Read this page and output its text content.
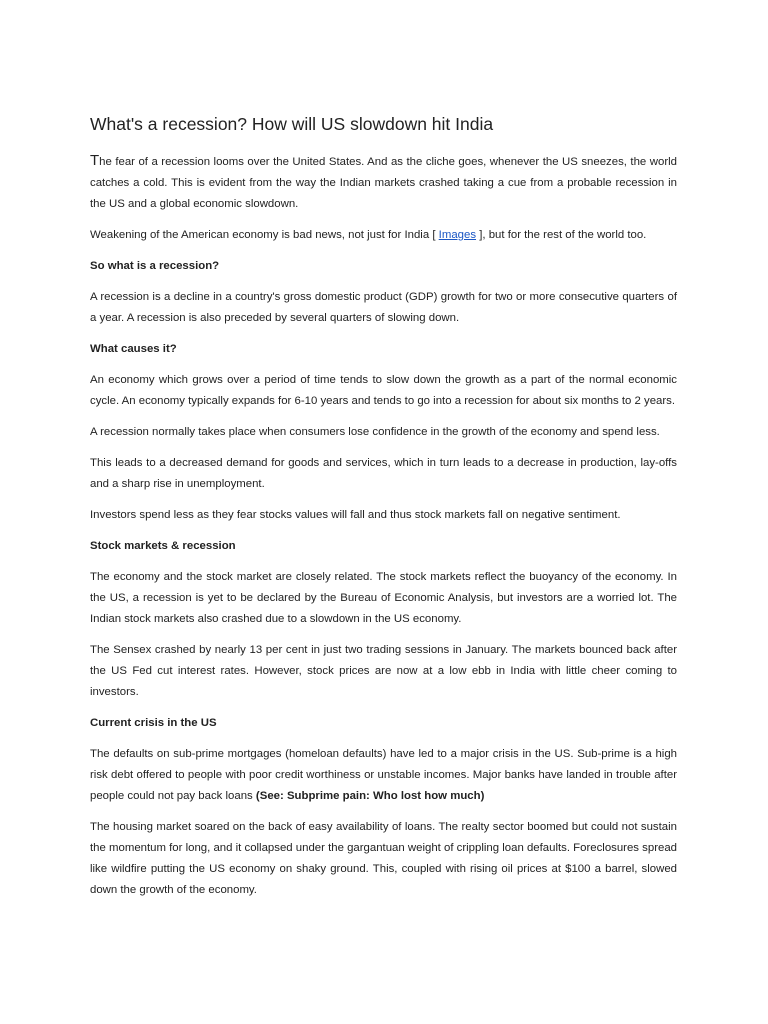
What's a recession? How will US slowdown hit India

The fear of a recession looms over the United States. And as the cliche goes, whenever the US sneezes, the world catches a cold. This is evident from the way the Indian markets crashed taking a cue from a probable recession in the US and a global economic slowdown.

Weakening of the American economy is bad news, not just for India [ Images ], but for the rest of the world too.

So what is a recession?

A recession is a decline in a country's gross domestic product (GDP) growth for two or more consecutive quarters of a year. A recession is also preceded by several quarters of slowing down.

What causes it?

An economy which grows over a period of time tends to slow down the growth as a part of the normal economic cycle. An economy typically expands for 6-10 years and tends to go into a recession for about six months to 2 years.

A recession normally takes place when consumers lose confidence in the growth of the economy and spend less.

This leads to a decreased demand for goods and services, which in turn leads to a decrease in production, lay-offs and a sharp rise in unemployment.

Investors spend less as they fear stocks values will fall and thus stock markets fall on negative sentiment.

Stock markets & recession

The economy and the stock market are closely related. The stock markets reflect the buoyancy of the economy. In the US, a recession is yet to be declared by the Bureau of Economic Analysis, but investors are a worried lot. The Indian stock markets also crashed due to a slowdown in the US economy.

The Sensex crashed by nearly 13 per cent in just two trading sessions in January. The markets bounced back after the US Fed cut interest rates. However, stock prices are now at a low ebb in India with little cheer coming to investors.

Current crisis in the US

The defaults on sub-prime mortgages (homeloan defaults) have led to a major crisis in the US. Sub-prime is a high risk debt offered to people with poor credit worthiness or unstable incomes. Major banks have landed in trouble after people could not pay back loans (See: Subprime pain: Who lost how much)

The housing market soared on the back of easy availability of loans. The realty sector boomed but could not sustain the momentum for long, and it collapsed under the gargantuan weight of crippling loan defaults. Foreclosures spread like wildfire putting the US economy on shaky ground. This, coupled with rising oil prices at $100 a barrel, slowed down the growth of the economy.
